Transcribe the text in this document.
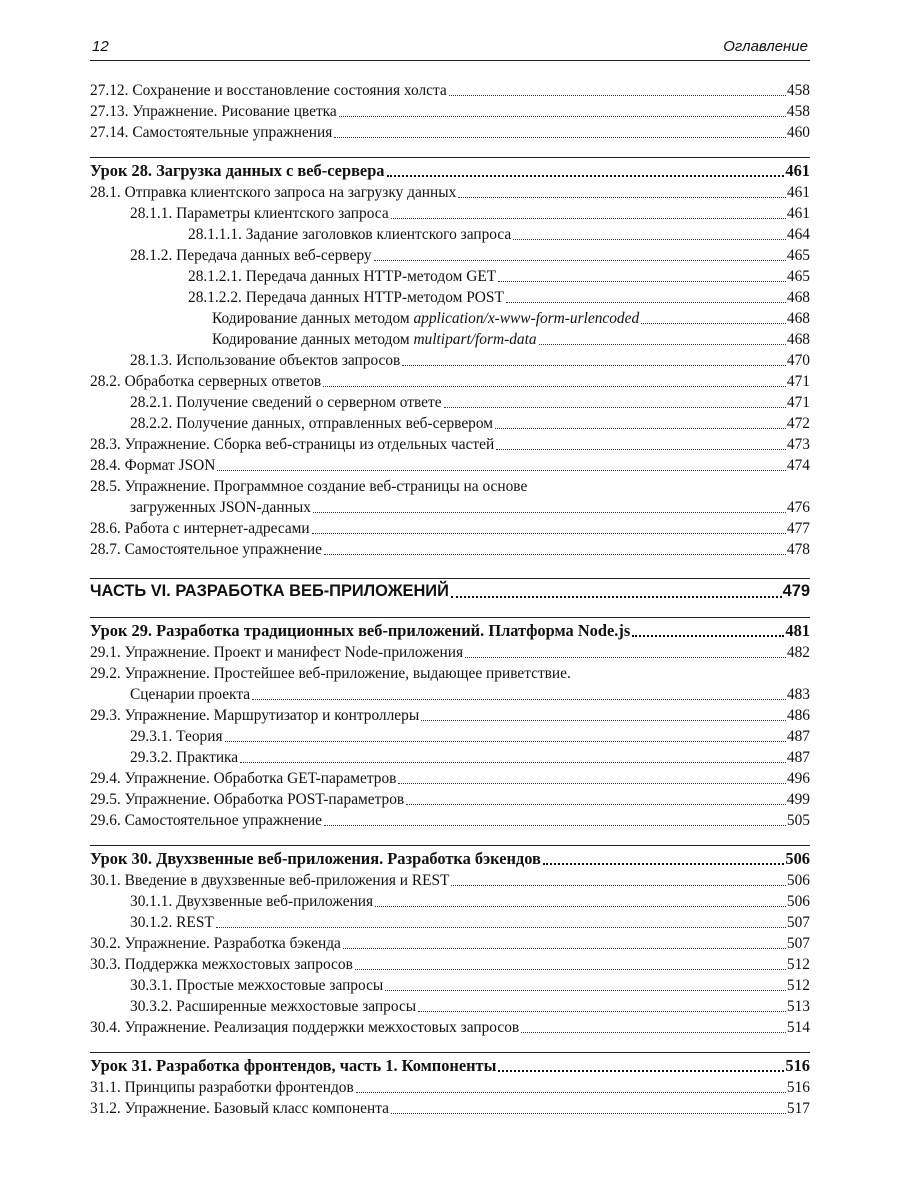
12	Оглавление
27.12. Сохранение и восстановление состояния холста	458
27.13. Упражнение. Рисование цветка	458
27.14. Самостоятельные упражнения	460
Урок 28. Загрузка данных с веб-сервера	461
28.1. Отправка клиентского запроса на загрузку данных	461
28.1.1. Параметры клиентского запроса	461
28.1.1.1. Задание заголовков клиентского запроса	464
28.1.2. Передача данных веб-серверу	465
28.1.2.1. Передача данных HTTP-методом GET	465
28.1.2.2. Передача данных HTTP-методом POST	468
Кодирование данных методом application/x-www-form-urlencoded	468
Кодирование данных методом multipart/form-data	468
28.1.3. Использование объектов запросов	470
28.2. Обработка серверных ответов	471
28.2.1. Получение сведений о серверном ответе	471
28.2.2. Получение данных, отправленных веб-сервером	472
28.3. Упражнение. Сборка веб-страницы из отдельных частей	473
28.4. Формат JSON	474
28.5. Упражнение. Программное создание веб-страницы на основе
загруженных JSON-данных	476
28.6. Работа с интернет-адресами	477
28.7. Самостоятельное упражнение	478
ЧАСТЬ VI. РАЗРАБОТКА ВЕБ-ПРИЛОЖЕНИЙ	479
Урок 29. Разработка традиционных веб-приложений. Платформа Node.js	481
29.1. Упражнение. Проект и манифест Node-приложения	482
29.2. Упражнение. Простейшее веб-приложение, выдающее приветствие.
Сценарии проекта	483
29.3. Упражнение. Маршрутизатор и контроллеры	486
29.3.1. Теория	487
29.3.2. Практика	487
29.4. Упражнение. Обработка GET-параметров	496
29.5. Упражнение. Обработка POST-параметров	499
29.6. Самостоятельное упражнение	505
Урок 30. Двухзвенные веб-приложения. Разработка бэкендов	506
30.1. Введение в двухзвенные веб-приложения и REST	506
30.1.1. Двухзвенные веб-приложения	506
30.1.2. REST	507
30.2. Упражнение. Разработка бэкенда	507
30.3. Поддержка межхостовых запросов	512
30.3.1. Простые межхостовые запросы	512
30.3.2. Расширенные межхостовые запросы	513
30.4. Упражнение. Реализация поддержки межхостовых запросов	514
Урок 31. Разработка фронтендов, часть 1. Компоненты	516
31.1. Принципы разработки фронтендов	516
31.2. Упражнение. Базовый класс компонента	517
